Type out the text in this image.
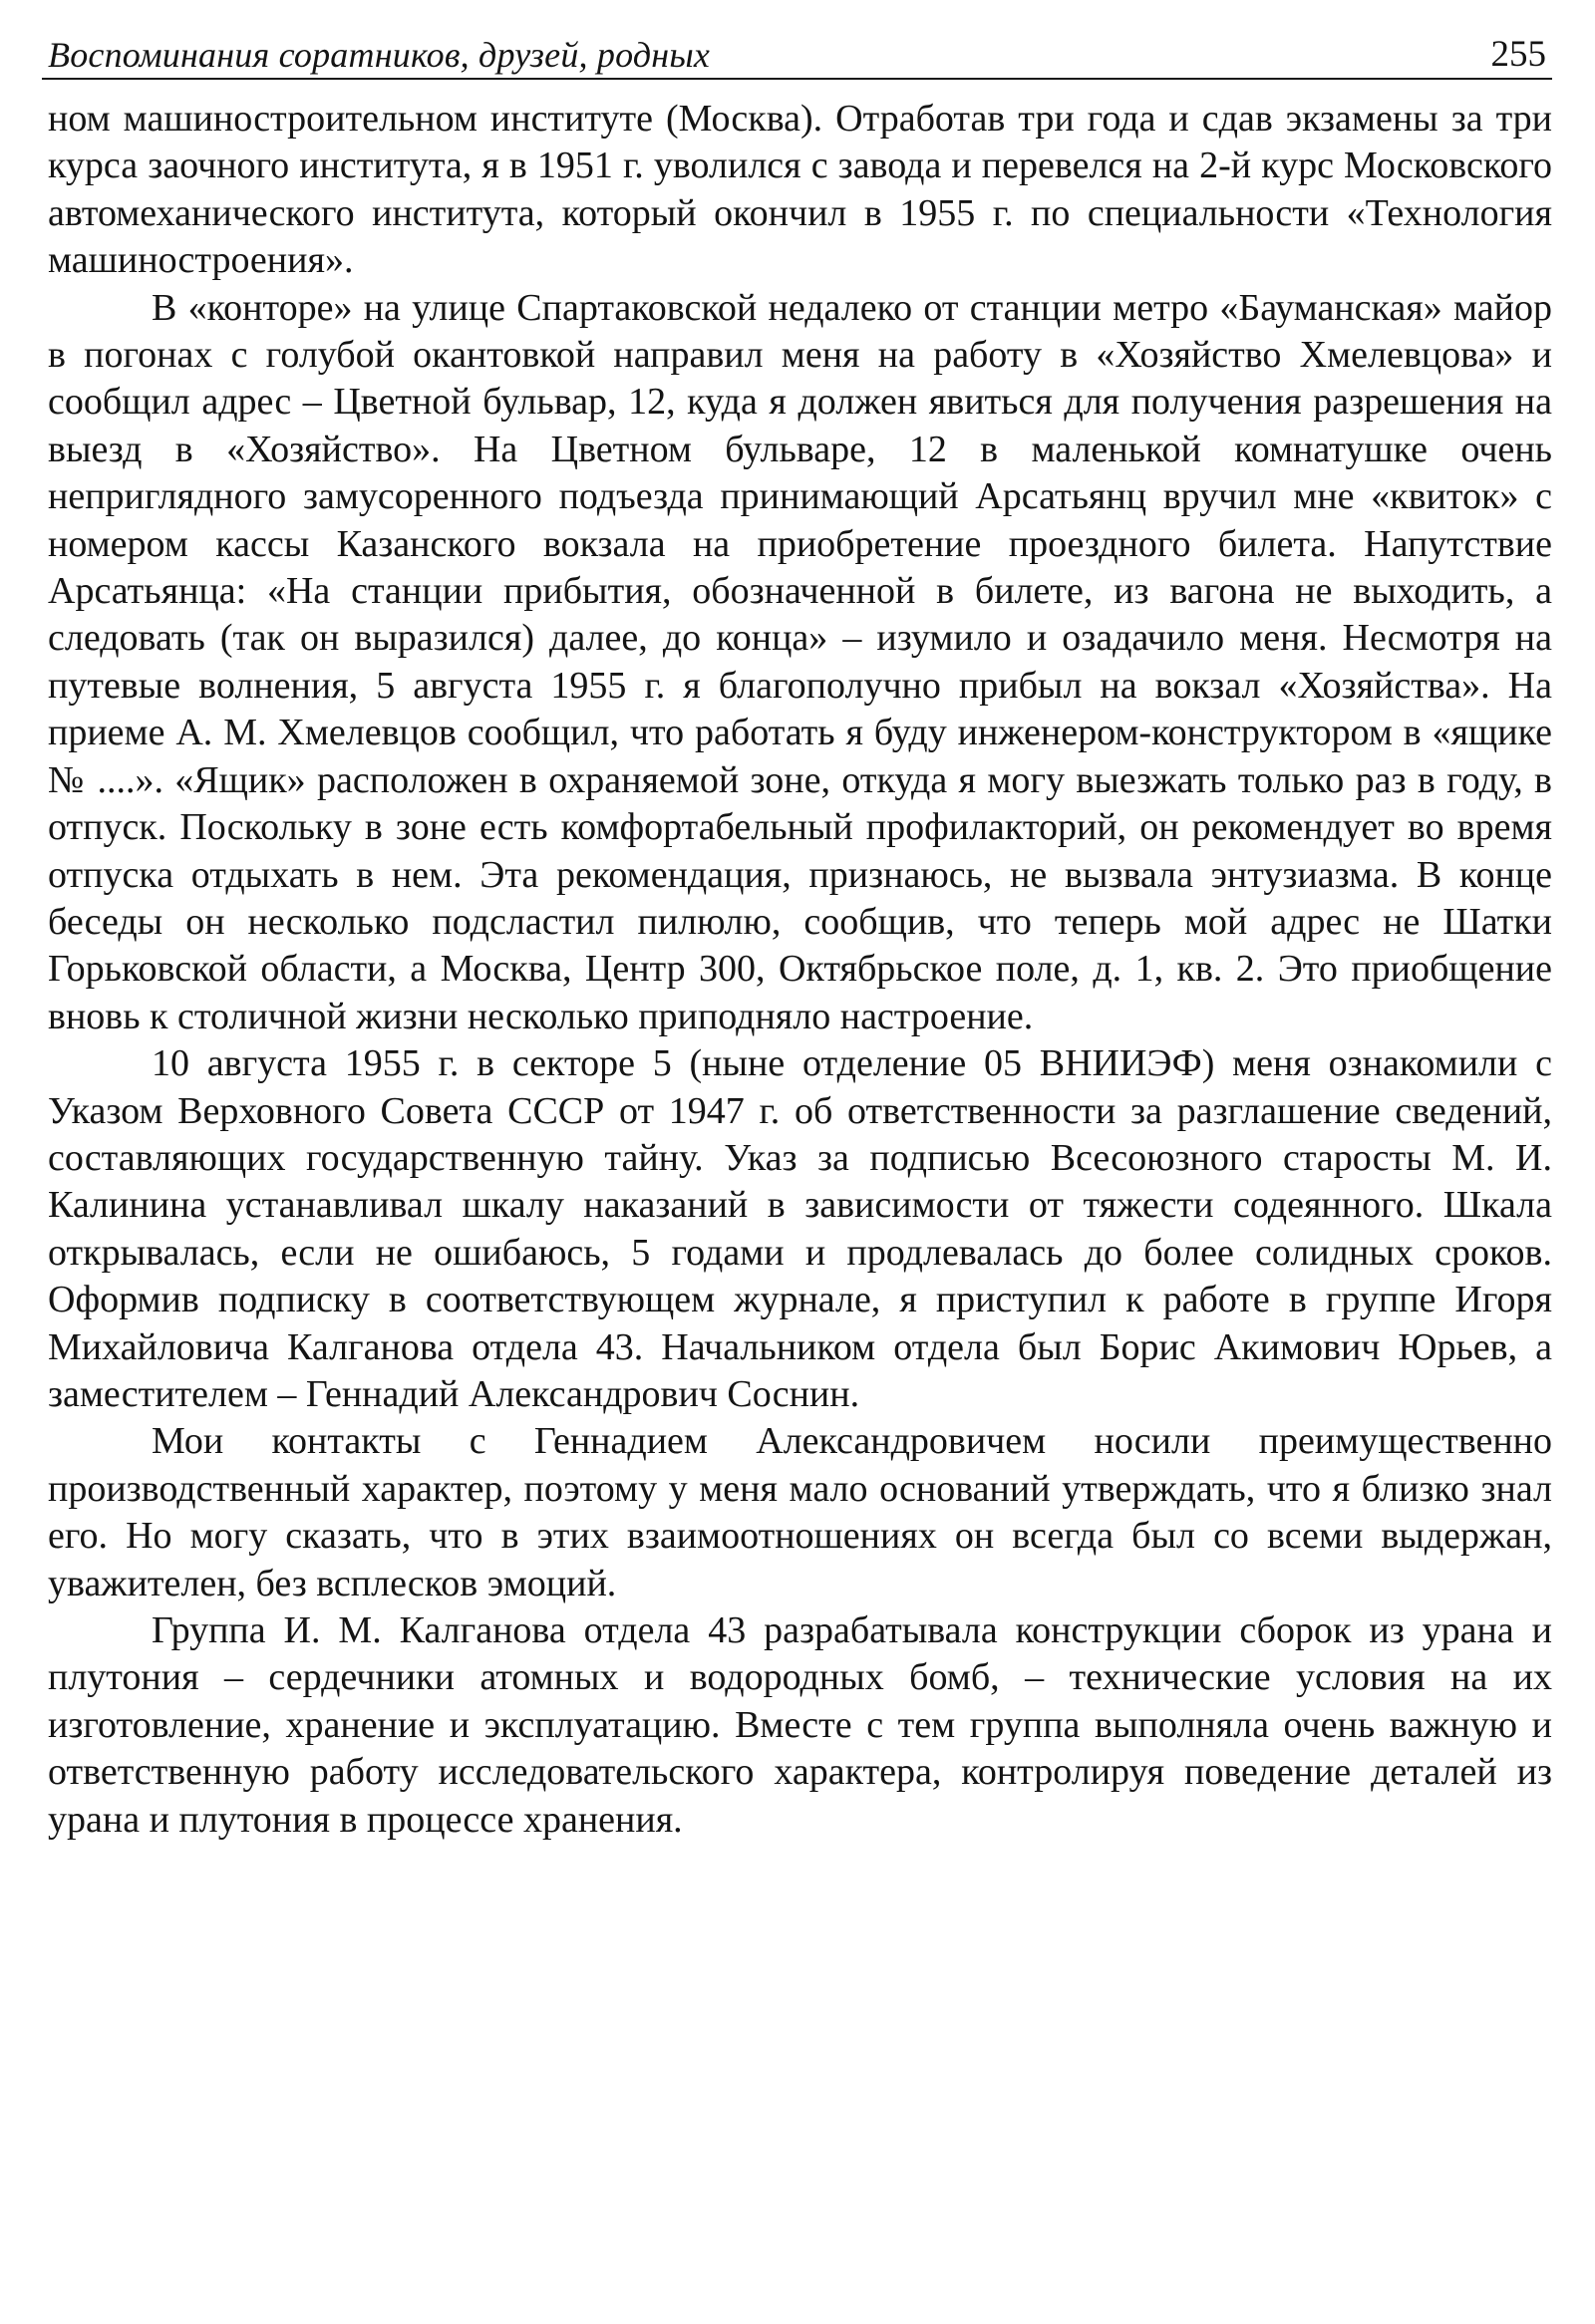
Воспоминания соратников, друзей, родных	255

ном машиностроительном институте (Москва). Отработав три года и сдав экзамены за три курса заочного института, я в 1951 г. уволился с завода и перевелся на 2-й курс Московского автомеханического института, который окончил в 1955 г. по специальности «Технология машиностроения».

В «конторе» на улице Спартаковской недалеко от станции метро «Бауманская» майор в погонах с голубой окантовкой направил меня на работу в «Хозяйство Хмелевцова» и сообщил адрес – Цветной бульвар, 12, куда я должен явиться для получения разрешения на выезд в «Хозяйство». На Цветном бульваре, 12 в маленькой комнатушке очень неприглядного замусоренного подъезда принимающий Арсатьянц вручил мне «квиток» с номером кассы Казанского вокзала на приобретение проездного билета. Напутствие Арсатьянца: «На станции прибытия, обозначенной в билете, из вагона не выходить, а следовать (так он выразился) далее, до конца» – изумило и озадачило меня. Несмотря на путевые волнения, 5 августа 1955 г. я благополучно прибыл на вокзал «Хозяйства». На приеме А. М. Хмелевцов сообщил, что работать я буду инженером-конструктором в «ящике № ....». «Ящик» расположен в охраняемой зоне, откуда я могу выезжать только раз в году, в отпуск. Поскольку в зоне есть комфортабельный профилакторий, он рекомендует во время отпуска отдыхать в нем. Эта рекомендация, признаюсь, не вызвала энтузиазма. В конце беседы он несколько подсластил пилюлю, сообщив, что теперь мой адрес не Шатки Горьковской области, а Москва, Центр 300, Октябрьское поле, д. 1, кв. 2. Это приобщение вновь к столичной жизни несколько приподняло настроение.

10 августа 1955 г. в секторе 5 (ныне отделение 05 ВНИИЭФ) меня ознакомили с Указом Верховного Совета СССР от 1947 г. об ответственности за разглашение сведений, составляющих государственную тайну. Указ за подписью Всесоюзного старосты М. И. Калинина устанавливал шкалу наказаний в зависимости от тяжести содеянного. Шкала открывалась, если не ошибаюсь, 5 годами и продлевалась до более солидных сроков. Оформив подписку в соответствующем журнале, я приступил к работе в группе Игоря Михайловича Калганова отдела 43. Начальником отдела был Борис Акимович Юрьев, а заместителем – Геннадий Александрович Соснин.

Мои контакты с Геннадием Александровичем носили преимущественно производственный характер, поэтому у меня мало оснований утверждать, что я близко знал его. Но могу сказать, что в этих взаимоотношениях он всегда был со всеми выдержан, уважителен, без всплесков эмоций.

Группа И. М. Калганова отдела 43 разрабатывала конструкции сборок из урана и плутония – сердечники атомных и водородных бомб, – технические условия на их изготовление, хранение и эксплуатацию. Вместе с тем группа выполняла очень важную и ответственную работу исследовательского характера, контролируя поведение деталей из урана и плутония в процессе хранения.
